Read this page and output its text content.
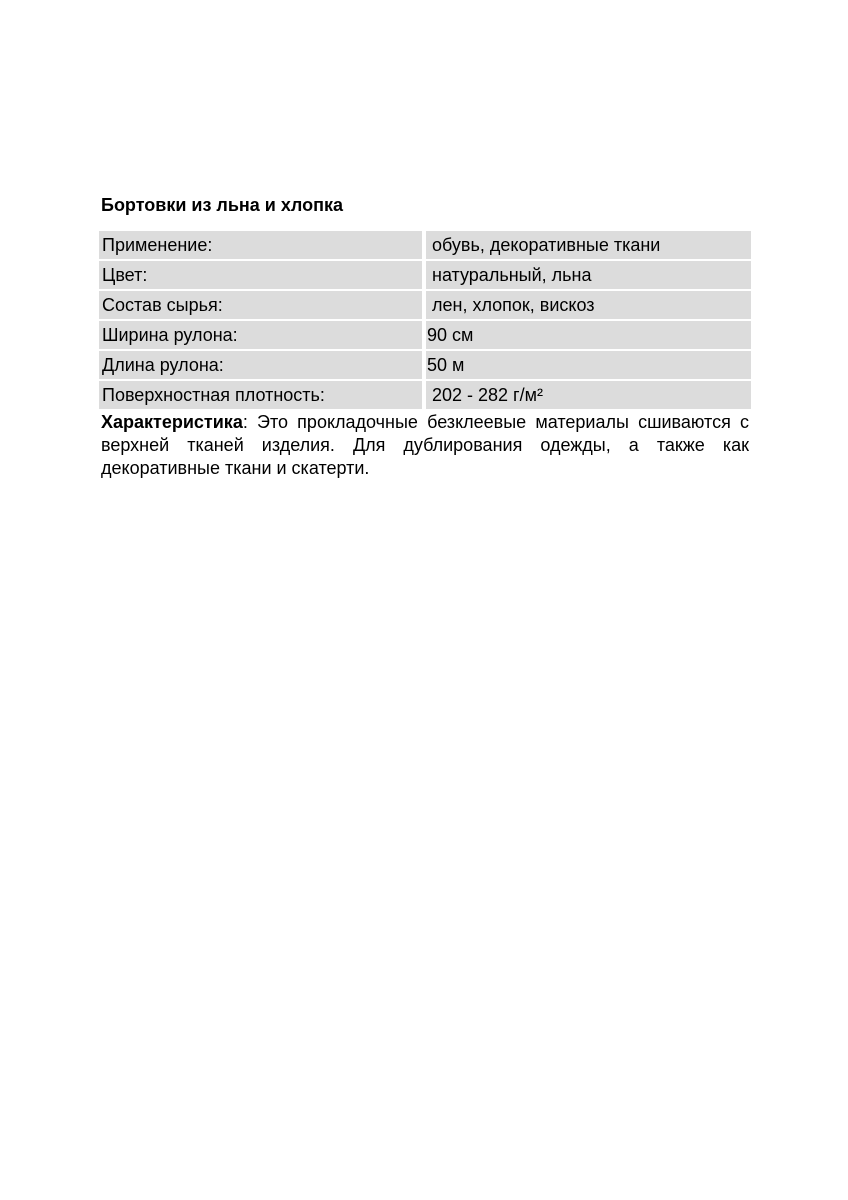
Бортовки из льна и хлопка
Применение:		обувь, декоративные ткани
Цвет:		натуральный, льна
Состав сырья:		лен, хлопок, вискоз
Ширина рулона:		90 см
Длина рулона:		50 м
Поверхностная плотность:		202 - 282 г/м²

Характеристика: Это прокладочные безклеевые материалы сшиваются с верхней тканей изделия. Для дублирования одежды, а также как декоративные ткани и скатерти.
